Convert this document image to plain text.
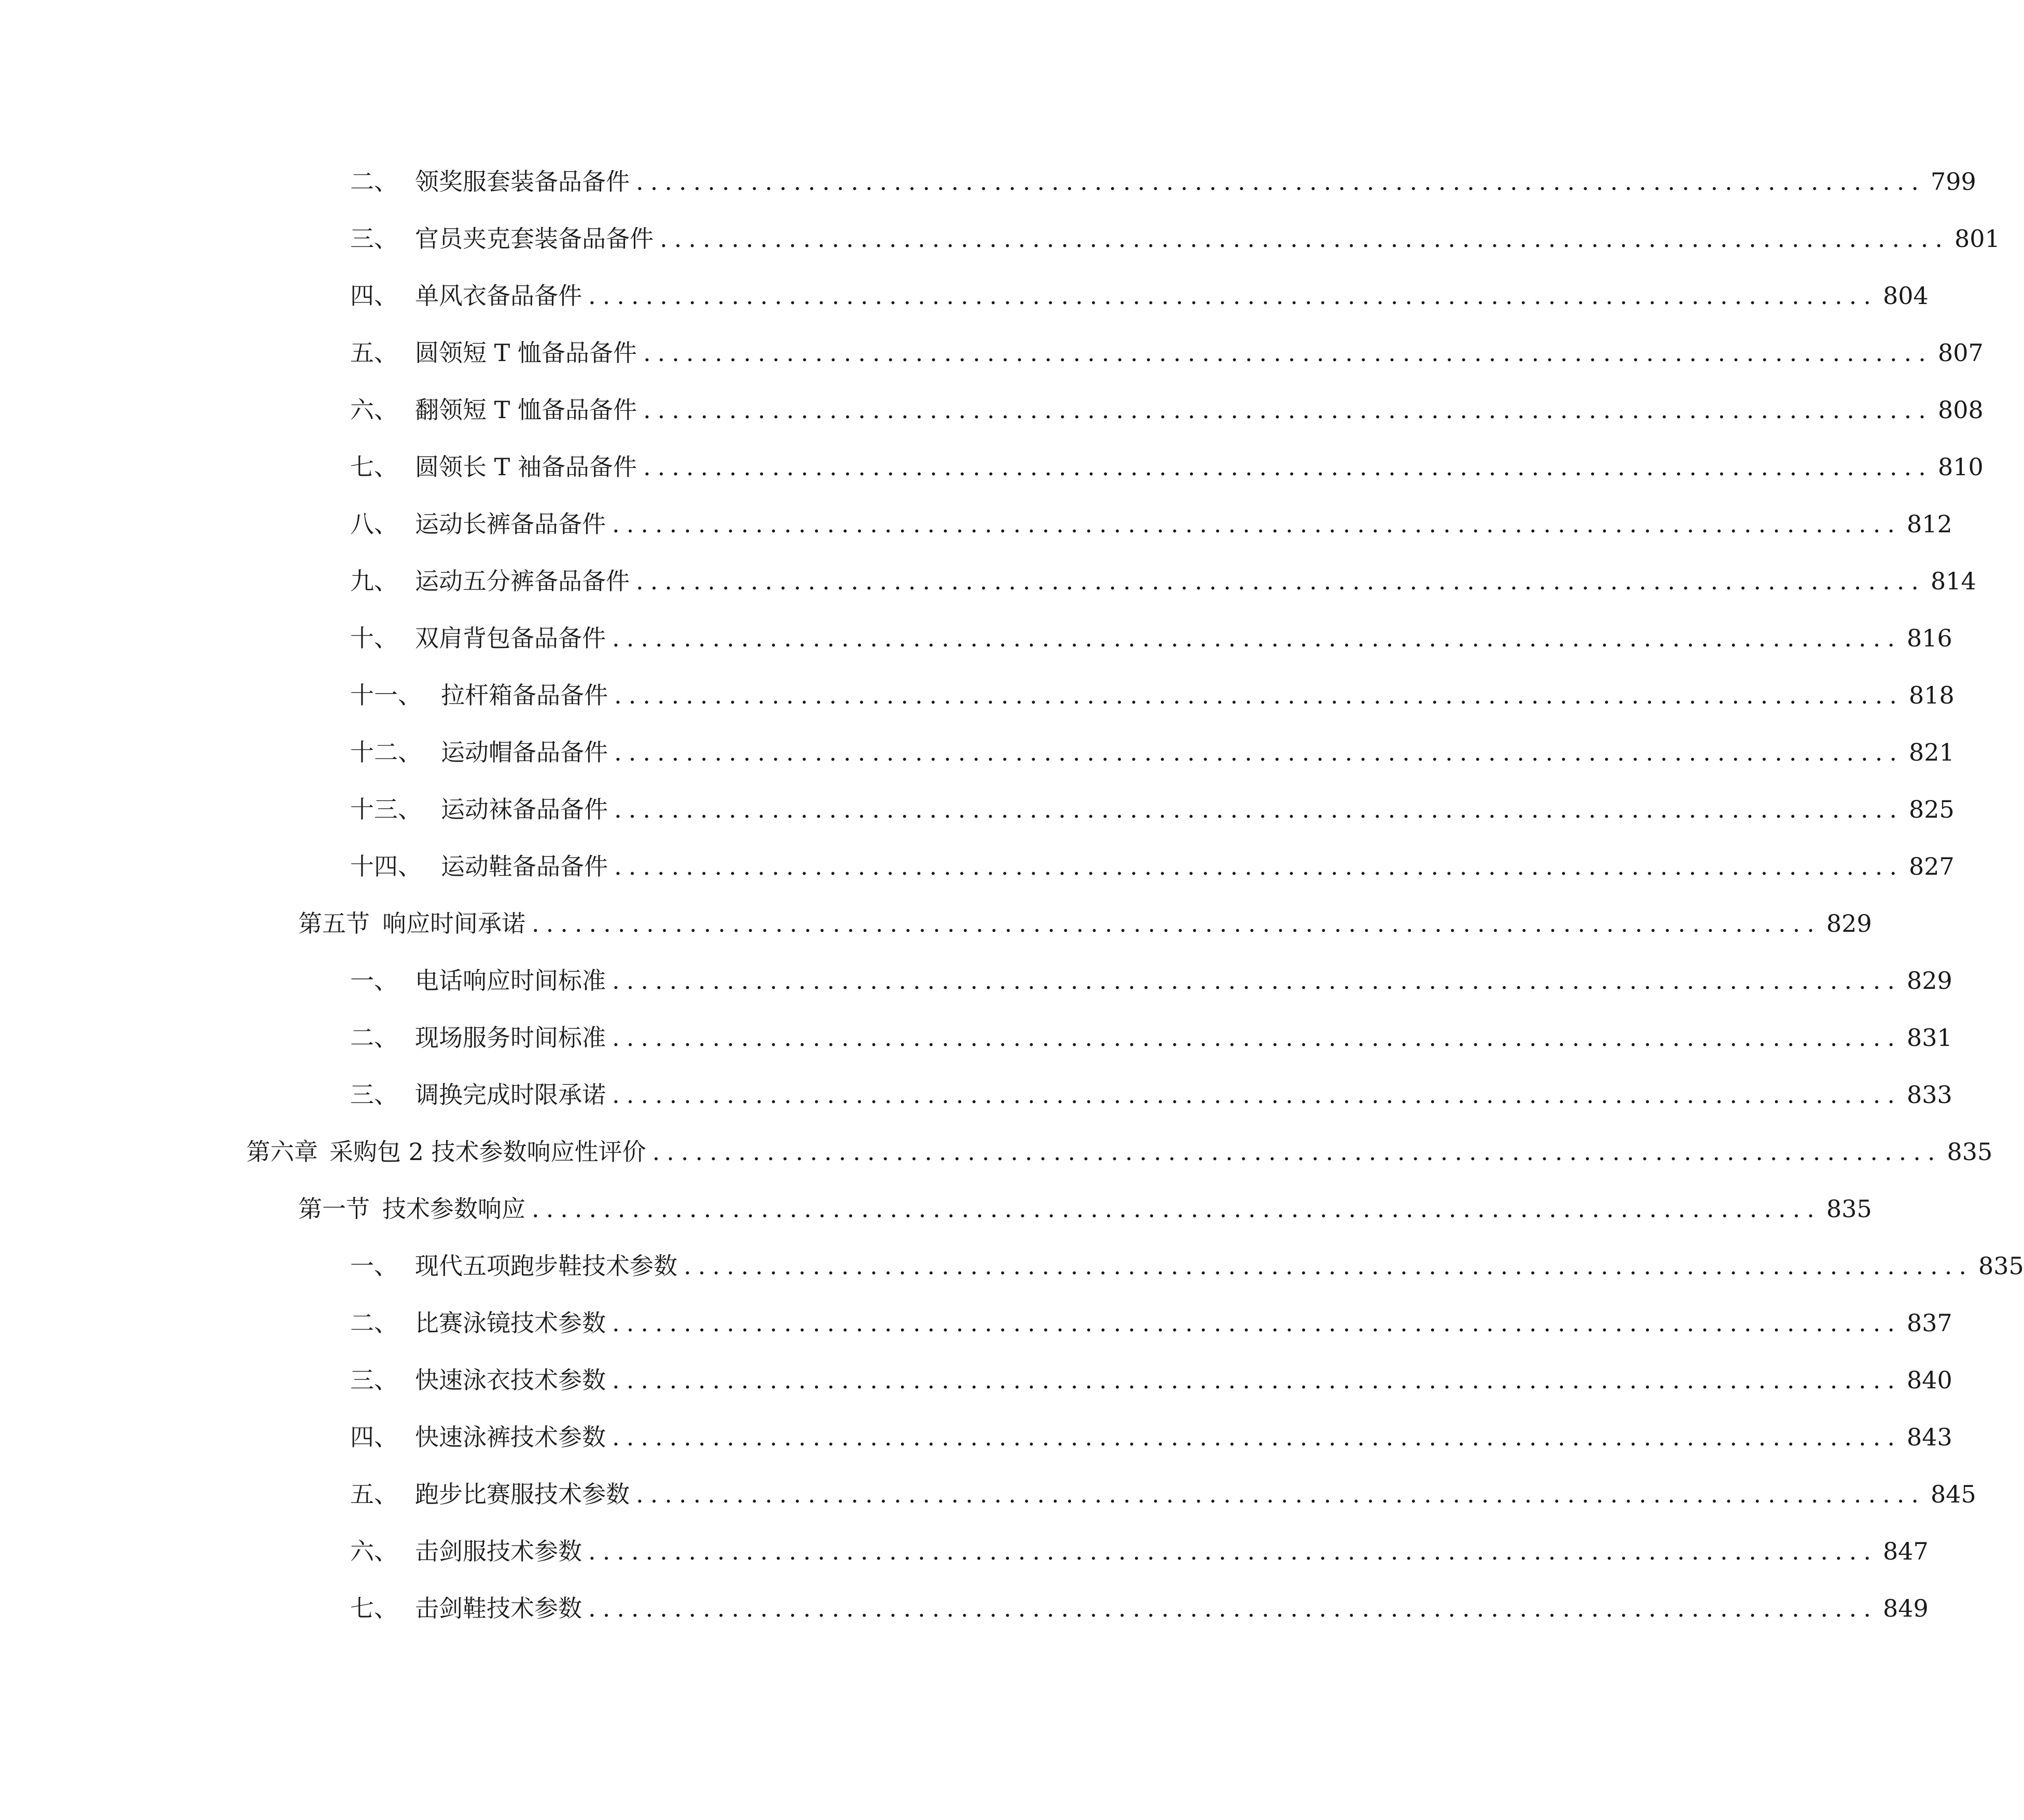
二、 领奖服套装备品备件 .......................................................................................... 799
三、 官员夹克套装备品备件 .......................................................................................... 801
四、 单风衣备品备件 .......................................................................................... 804
五、 圆领短 T 恤备品备件 .......................................................................................... 807
六、 翻领短 T 恤备品备件 .......................................................................................... 808
七、 圆领长 T 袖备品备件 .......................................................................................... 810
八、 运动长裤备品备件 .......................................................................................... 812
九、 运动五分裤备品备件 .......................................................................................... 814
十、 双肩背包备品备件 .......................................................................................... 816
十一、 拉杆箱备品备件 .......................................................................................... 818
十二、 运动帽备品备件 .......................................................................................... 821
十三、 运动袜备品备件 .......................................................................................... 825
十四、 运动鞋备品备件 .......................................................................................... 827
第五节 响应时间承诺 .......................................................................................... 829
一、 电话响应时间标准 .......................................................................................... 829
二、 现场服务时间标准 .......................................................................................... 831
三、 调换完成时限承诺 .......................................................................................... 833
第六章 采购包 2 技术参数响应性评价 .......................................................................................... 835
第一节 技术参数响应 .......................................................................................... 835
一、 现代五项跑步鞋技术参数 .......................................................................................... 835
二、 比赛泳镜技术参数 .......................................................................................... 837
三、 快速泳衣技术参数 .......................................................................................... 840
四、 快速泳裤技术参数 .......................................................................................... 843
五、 跑步比赛服技术参数 .......................................................................................... 845
六、 击剑服技术参数 .......................................................................................... 847
七、 击剑鞋技术参数 .......................................................................................... 849
